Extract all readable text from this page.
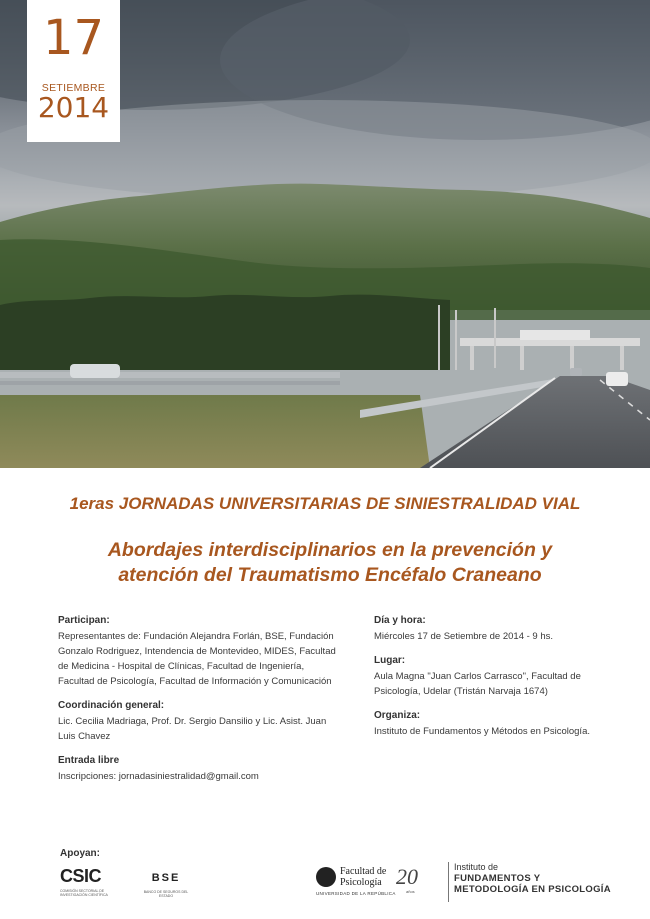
17
SETIEMBRE
2014
1eras JORNADAS UNIVERSITARIAS DE SINIESTRALIDAD VIAL
Abordajes interdisciplinarios en la prevención y atención del Traumatismo Encéfalo Craneano
Participan:
Representantes de: Fundación Alejandra Forlán, BSE, Fundación Gonzalo Rodriguez, Intendencia de Montevideo, MIDES, Facultad de Medicina - Hospital de Clínicas, Facultad de Ingeniería, Facultad de Psicología, Facultad de Información y Comunicación
Coordinación general:
Lic. Cecilia Madriaga, Prof. Dr. Sergio Dansilio y Lic. Asist. Juan Luis Chavez
Entrada libre
Inscripciones: jornadasiniestralidad@gmail.com
Día y hora:
Miércoles 17 de Setiembre de 2014 - 9 hs.
Lugar:
Aula Magna "Juan Carlos Carrasco", Facultad de Psicología, Udelar (Tristán Narvaja 1674)
Organiza:
Instituto de Fundamentos y Métodos en Psicología.
Apoyan:
CSIC
COMISIÓN SECTORIAL DE INVESTIGACIÓN CIENTÍFICA
BSE
BANCO DE SEGUROS DEL ESTADO
Facultad de
Psicología
UNIVERSIDAD DE LA REPÚBLICA
20
años
Instituto de
FUNDAMENTOS Y
METODOLOGÍA EN PSICOLOGÍA
